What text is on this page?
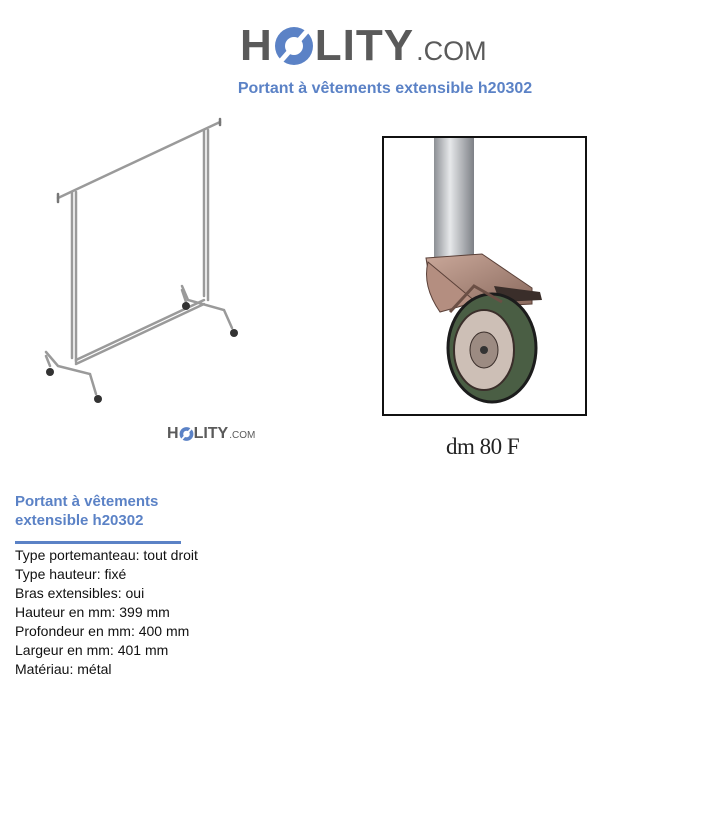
H LITY .COM
Portant à vêtements extensible h20302
H LITY .COM	dm 80 F
Portant à vêtements extensible h20302
Type portemanteau: tout droit
Type hauteur: fixé
Bras extensibles: oui
Hauteur en mm: 399 mm
Profondeur en mm: 400 mm
Largeur en mm: 401 mm
Matériau: métal
